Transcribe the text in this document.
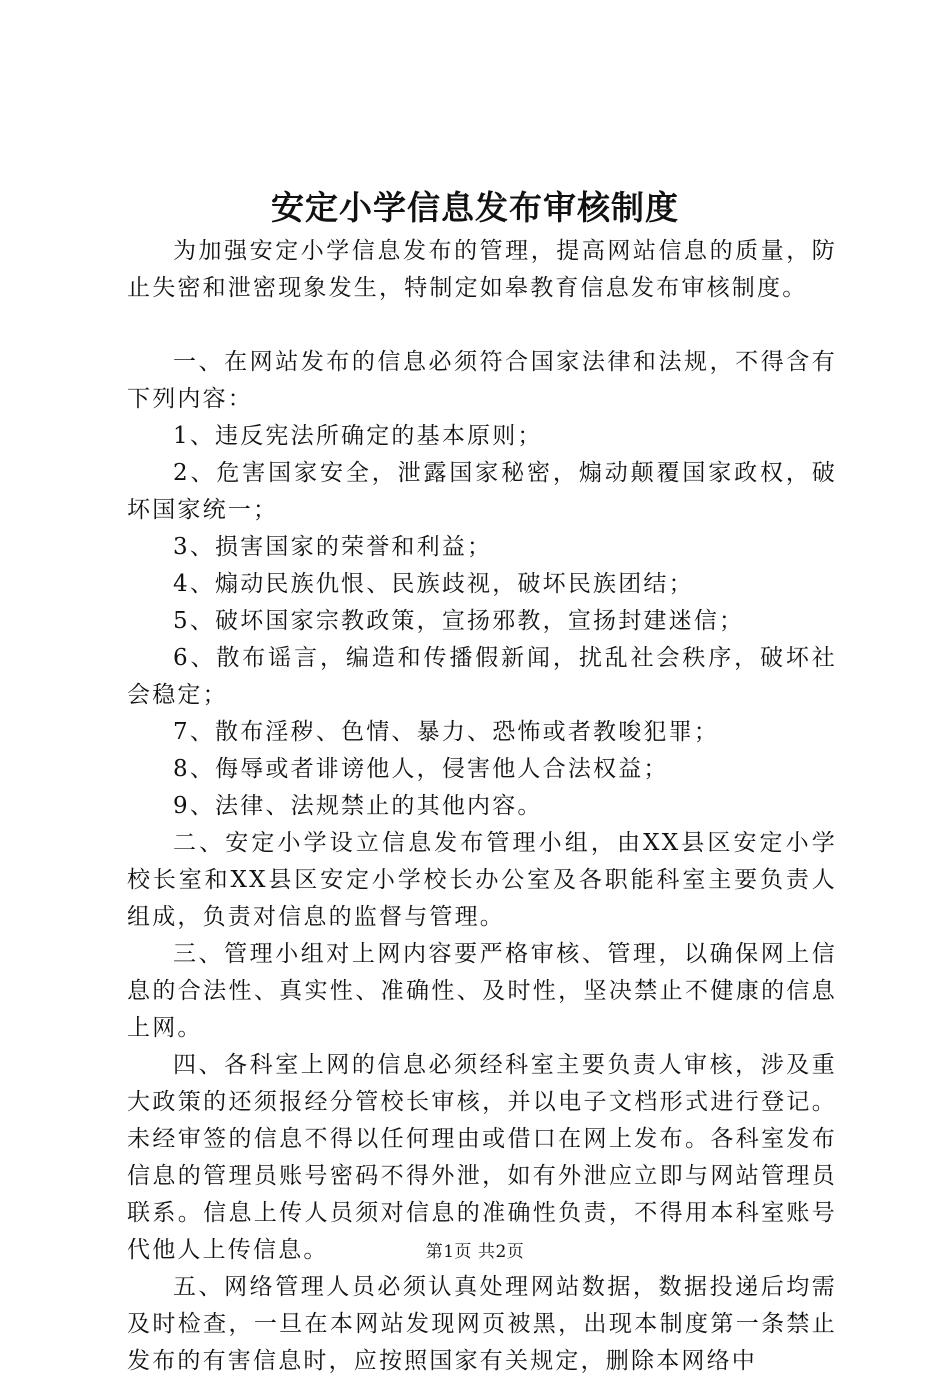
安定小学信息发布审核制度

为加强安定小学信息发布的管理，提高网站信息的质量，防止失密和泄密现象发生，特制定如皋教育信息发布审核制度。

一、在网站发布的信息必须符合国家法律和法规，不得含有下列内容：

1、违反宪法所确定的基本原则；

2、危害国家安全，泄露国家秘密，煽动颠覆国家政权，破坏国家统一；

3、损害国家的荣誉和利益；

4、煽动民族仇恨、民族歧视，破坏民族团结；

5、破坏国家宗教政策，宣扬邪教，宣扬封建迷信；

6、散布谣言，编造和传播假新闻，扰乱社会秩序，破坏社会稳定；

7、散布淫秽、色情、暴力、恐怖或者教唆犯罪；

8、侮辱或者诽谤他人，侵害他人合法权益；

9、法律、法规禁止的其他内容。

二、安定小学设立信息发布管理小组，由XX县区安定小学校长室和XX县区安定小学校长办公室及各职能科室主要负责人组成，负责对信息的监督与管理。

三、管理小组对上网内容要严格审核、管理，以确保网上信息的合法性、真实性、准确性、及时性，坚决禁止不健康的信息上网。

四、各科室上网的信息必须经科室主要负责人审核，涉及重大政策的还须报经分管校长审核，并以电子文档形式进行登记。未经审签的信息不得以任何理由或借口在网上发布。各科室发布信息的管理员账号密码不得外泄，如有外泄应立即与网站管理员联系。信息上传人员须对信息的准确性负责，不得用本科室账号代他人上传信息。

五、网络管理人员必须认真处理网站数据，数据投递后均需及时检查，一旦在本网站发现网页被黑，出现本制度第一条禁止发布的有害信息时，应按照国家有关规定，删除本网络中

第1页 共2页
